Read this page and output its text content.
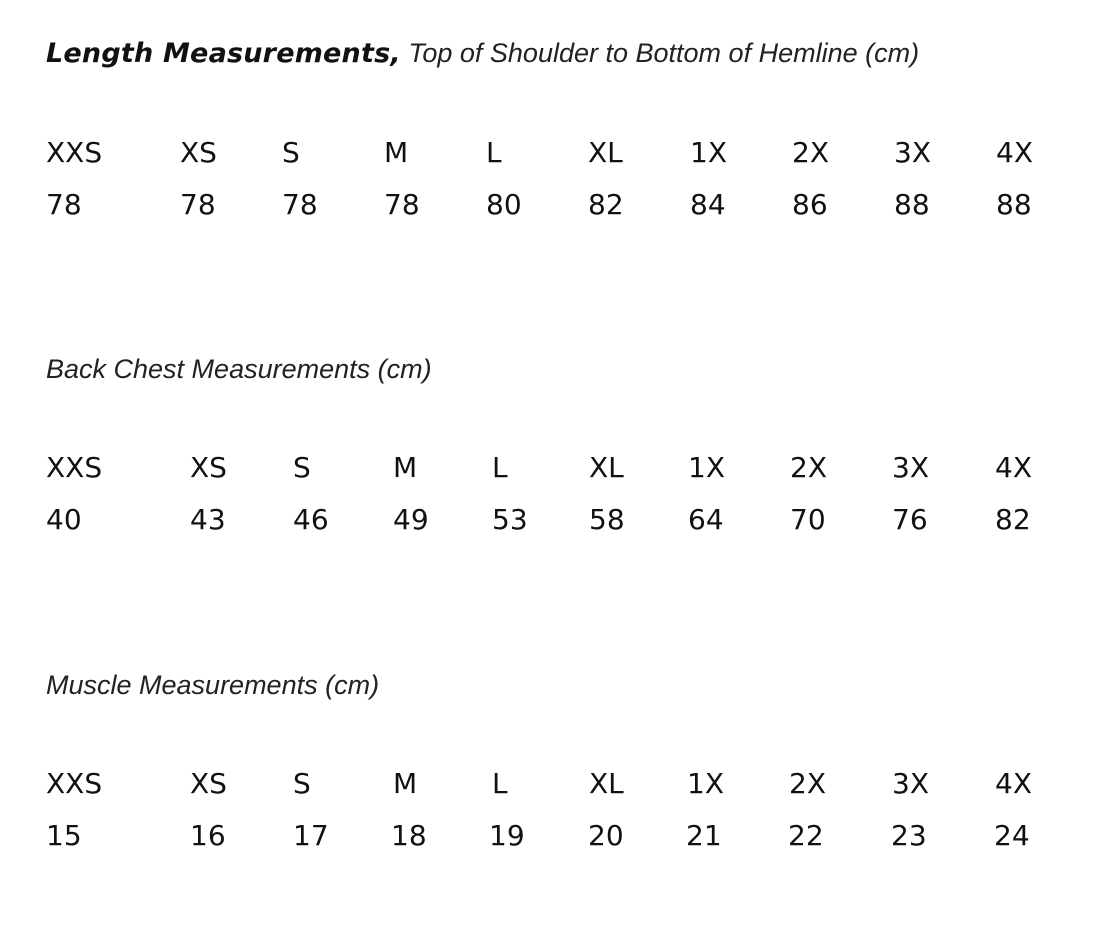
Length Measurements, Top of Shoulder to Bottom of Hemline (cm)
XXS	XS S	M	L	XL 1X 2X 3X 4X
78	78 78 78 80 82 84 86 88 88
Back Chest Measurements (cm)
XXS	XS S	M	L	XL 1X 2X 3X 4X
40	43 46 49 53 58 64 70 76 82
Muscle Measurements (cm)
XXS	XS S	M	L	XL 1X 2X 3X 4X
15	16 17 18 19 20 21 22 23 24
